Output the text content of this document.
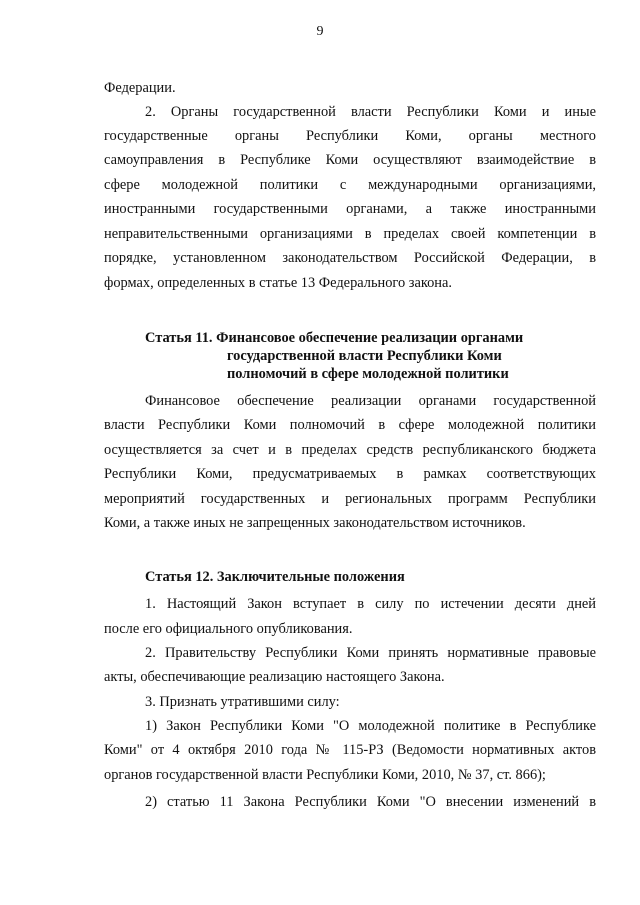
9
Федерации.
2. Органы государственной власти Республики Коми и иные
государственные органы Республики Коми, органы местного
самоуправления в Республике Коми осуществляют взаимодействие в
сфере молодежной политики с международными организациями,
иностранными государственными органами, а также иностранными
неправительственными организациями в пределах своей компетенции в
порядке, установленном законодательством Российской Федерации, в
формах, определенных в статье 13 Федерального закона.
Статья 11. Финансовое обеспечение реализации органами
государственной власти Республики Коми
полномочий в сфере молодежной политики
Финансовое обеспечение реализации органами государственной
власти Республики Коми полномочий в сфере молодежной политики
осуществляется за счет и в пределах средств республиканского бюджета
Республики Коми, предусматриваемых в рамках соответствующих
мероприятий государственных и региональных программ Республики
Коми, а также иных не запрещенных законодательством источников.
Статья 12. Заключительные положения
1. Настоящий Закон вступает в силу по истечении десяти дней
после его официального опубликования.
2. Правительству Республики Коми принять нормативные правовые
акты, обеспечивающие реализацию настоящего Закона.
3. Признать утратившими силу:
1) Закон Республики Коми "О молодежной политике в Республике
Коми" от 4 октября 2010 года № 115-РЗ (Ведомости нормативных актов
органов государственной власти Республики Коми, 2010, № 37, ст. 866);
2) статью 11 Закона Республики Коми "О внесении изменений в
